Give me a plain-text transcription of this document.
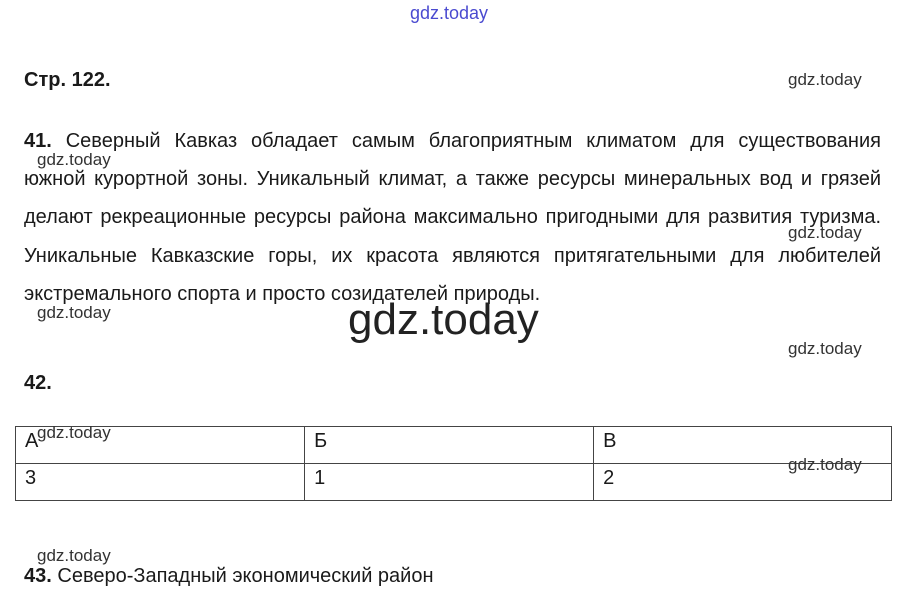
gdz.today
Стр. 122.	gdz.today

41. Северный Кавказ обладает самым благоприятным климатом для существования южной курортной зоны. Уникальный климат, а также ресурсы минеральных вод и грязей делают рекреационные ресурсы района максимально пригодными для развития туризма. Уникальные Кавказские горы, их красота являются притягательными для любителей экстремального спорта и просто созидателей природы.

gdz.today
gdz.today
gdz.today	gdz.today
gdz.today
42.
А	Б	В
3	1	2
gdz.today
gdz.today
gdz.today

43. Северо-Западный экономический район
